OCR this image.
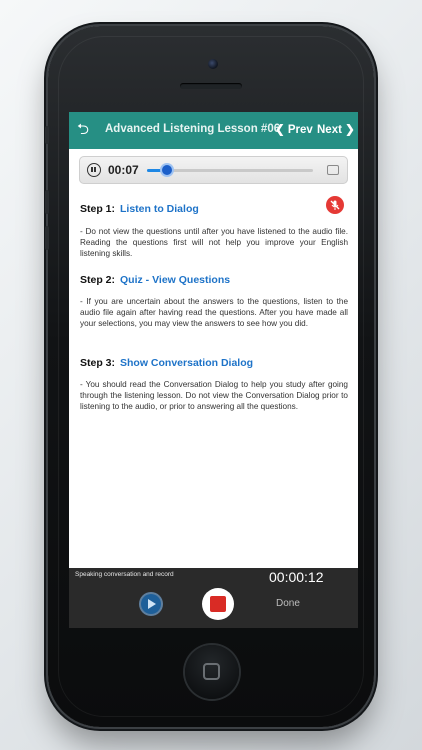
⮌	Advanced Listening Lesson #06
❮ Prev Next ❯
00:07
Step 1: Listen to Dialog
- Do not view the questions until after you have listened to the audio file. Reading the questions first will not help you improve your English listening skills.
Step 2: Quiz - View Questions
- If you are uncertain about the answers to the questions, listen to the audio file again after having read the questions. After you have made all your selections, you may view the answers to see how you did.
Step 3: Show Conversation Dialog
- You should read the Conversation Dialog to help you study after going through the listening lesson. Do not view the Conversation Dialog prior to listening to the audio, or prior to answering all the questions.
Speaking conversation and record	00:00:12
Done
